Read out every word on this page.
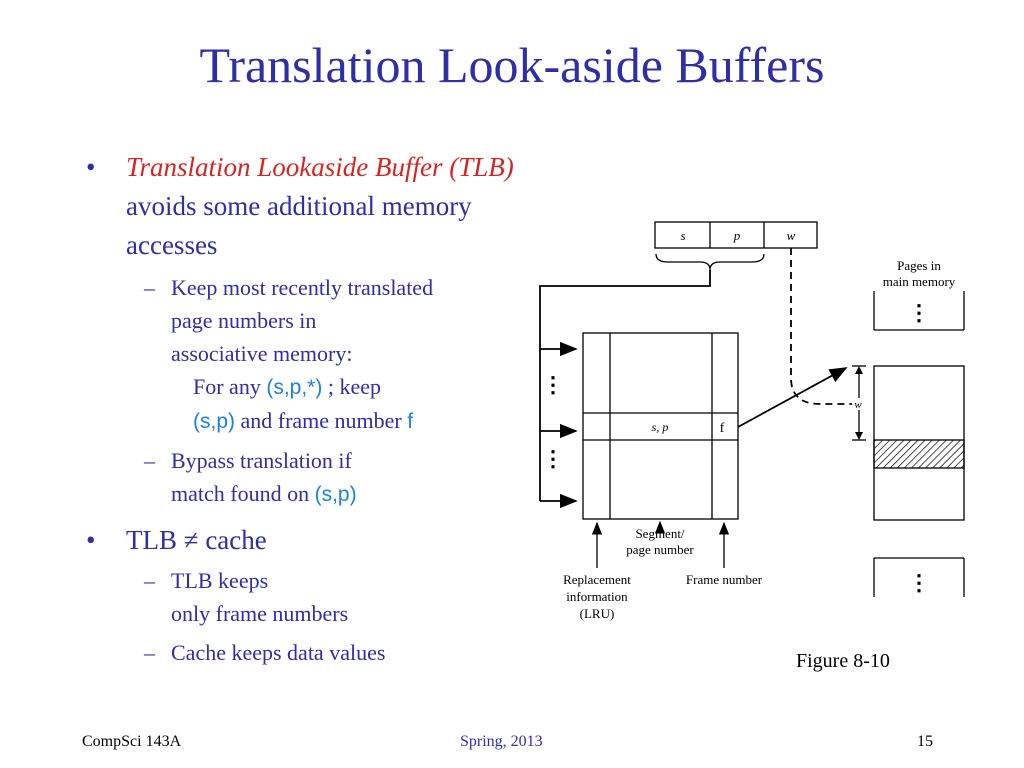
Translation Look-aside Buffers
• Translation Lookaside Buffer (TLB)
avoids some additional memory
accesses
– Keep most recently translated
page numbers in
associative memory:
For any (s,p,*) ; keep
(s,p) and frame number f
– Bypass translation if
match found on (s,p)
• TLB ≠ cache
– TLB keeps
only frame numbers
– Cache keeps data values
s	p	w
⋮
⋮
s, p	f
w
Pages in
main memory
⋮
⋮
Segment/
page number
Replacement
information
(LRU)
Frame number
Figure 8-10
CompSci 143A	Spring, 2013	15
